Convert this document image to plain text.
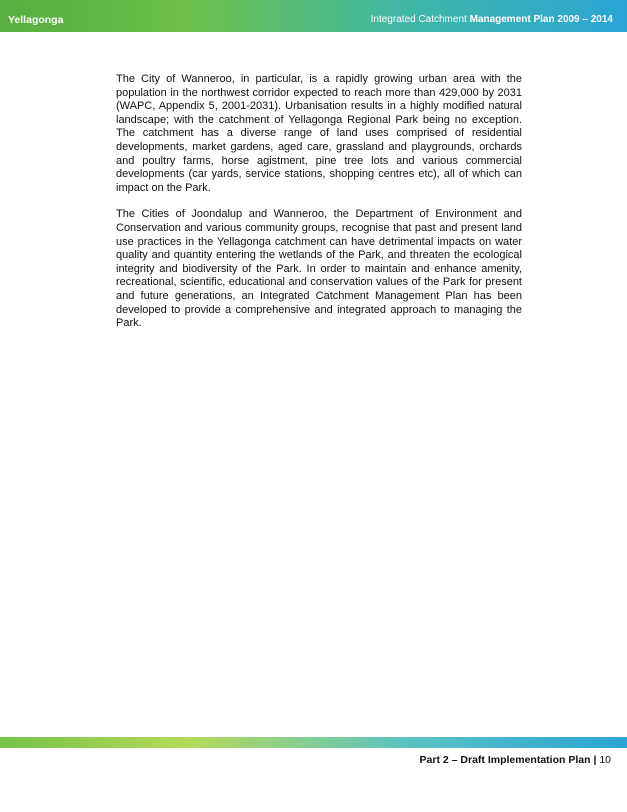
Yellagonga	Integrated Catchment Management Plan 2009 – 2014

The City of Wanneroo, in particular, is a rapidly growing urban area with the population in the northwest corridor expected to reach more than 429,000 by 2031 (WAPC, Appendix 5, 2001-2031). Urbanisation results in a highly modified natural landscape; with the catchment of Yellagonga Regional Park being no exception. The catchment has a diverse range of land uses comprised of residential developments, market gardens, aged care, grassland and playgrounds, orchards and poultry farms, horse agistment, pine tree lots and various commercial developments (car yards, service stations, shopping centres etc), all of which can impact on the Park.

The Cities of Joondalup and Wanneroo, the Department of Environment and Conservation and various community groups, recognise that past and present land use practices in the Yellagonga catchment can have detrimental impacts on water quality and quantity entering the wetlands of the Park, and threaten the ecological integrity and biodiversity of the Park. In order to maintain and enhance amenity, recreational, scientific, educational and conservation values of the Park for present and future generations, an Integrated Catchment Management Plan has been developed to provide a comprehensive and integrated approach to managing the Park.

Part 2 – Draft Implementation Plan | 10
